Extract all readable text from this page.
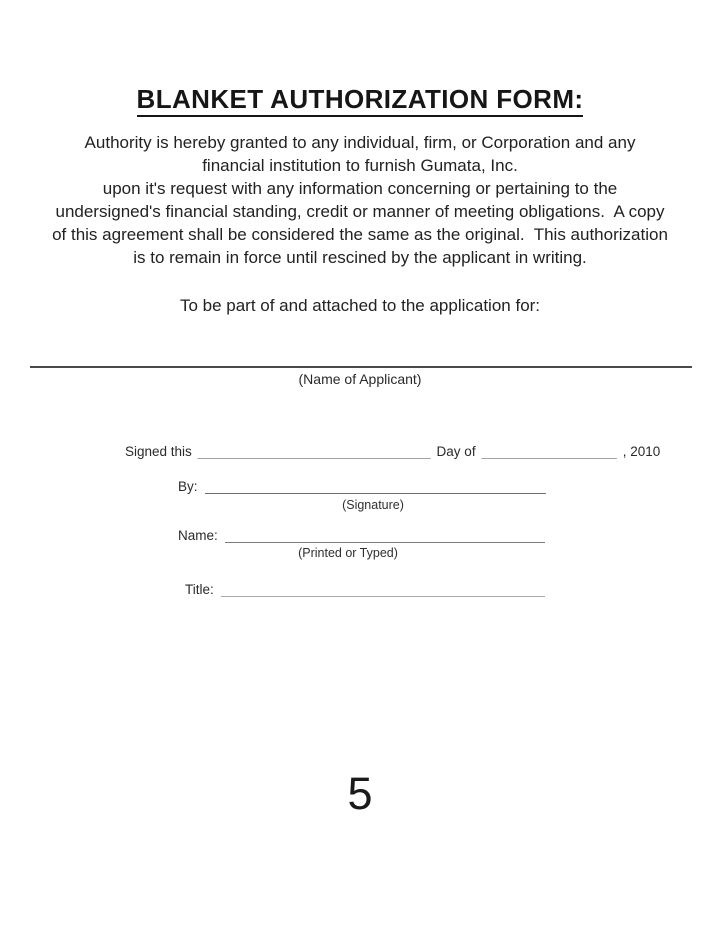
BLANKET AUTHORIZATION FORM:
Authority is hereby granted to any individual, firm, or Corporation and any
financial institution to furnish Gumata, Inc.
upon it's request with any information concerning or pertaining to the
undersigned's financial standing, credit or manner of meeting obligations.  A copy
of this agreement shall be considered the same as the original.  This authorization
is to remain in force until rescined by the applicant in writing.
To be part of and attached to the application for:
(Name of Applicant)
Signed this _______________________________ Day of __________________ , 2010
By:
(Signature)
Name:
(Printed or Typed)
Title:
5
